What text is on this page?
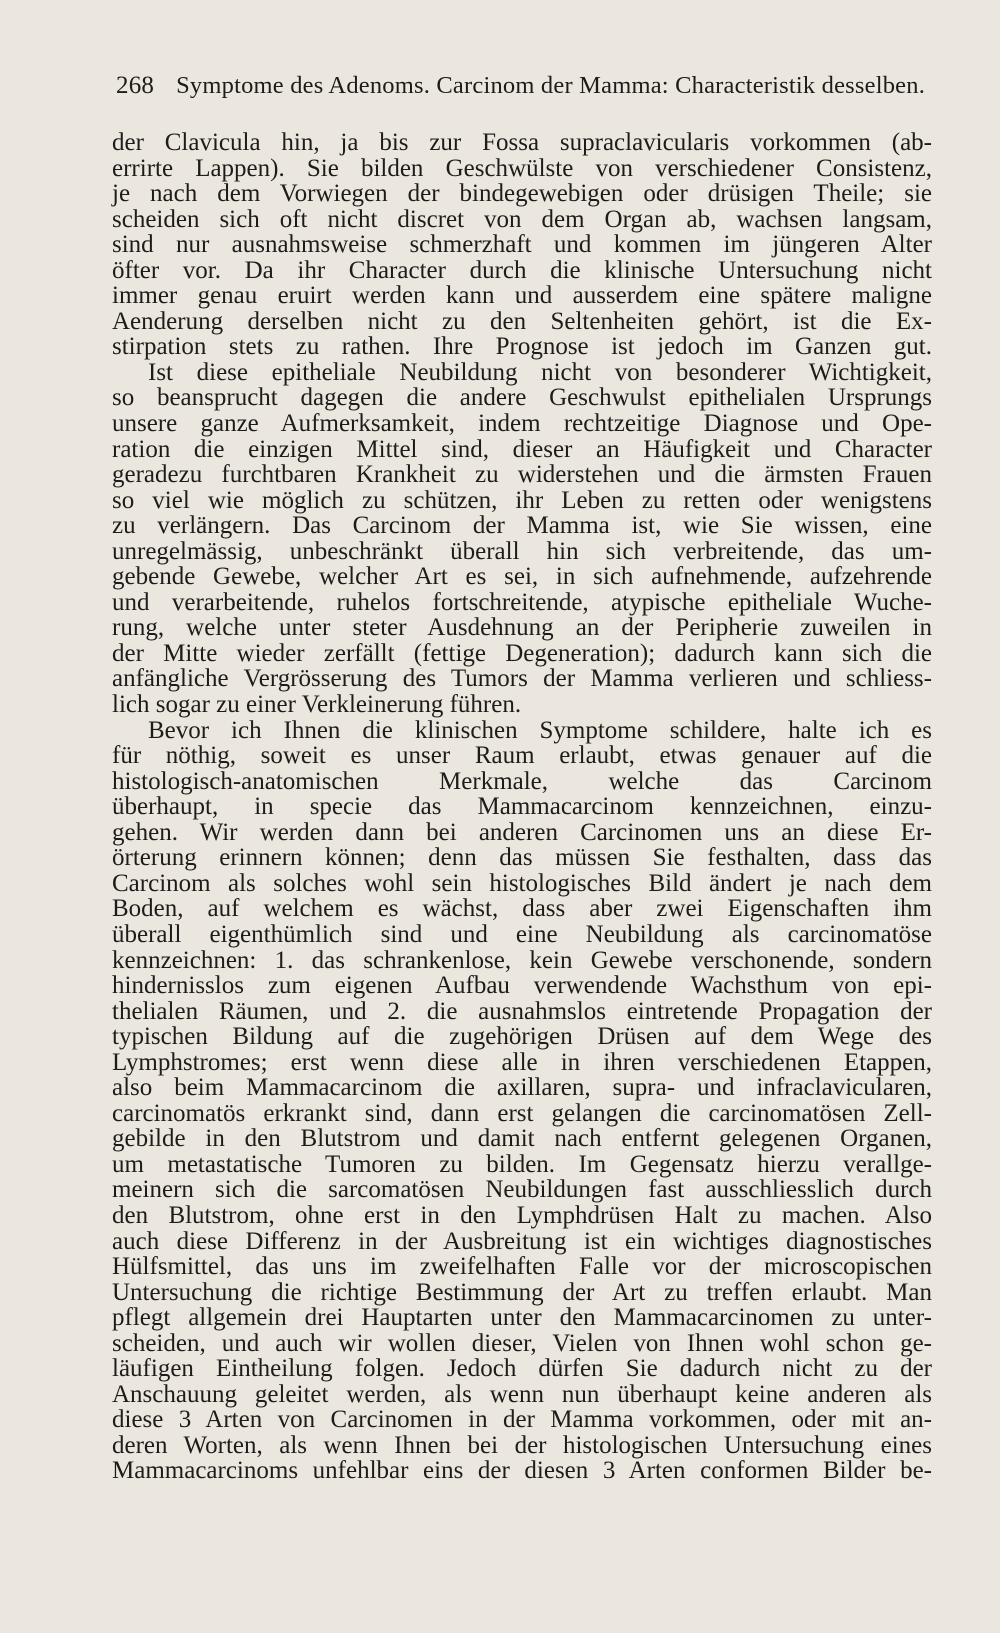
268 Symptome des Adenoms. Carcinom der Mamma: Characteristik desselben.
der Clavicula hin, ja bis zur Fossa supraclavicularis vorkommen (ab-
errirte Lappen). Sie bilden Geschwülste von verschiedener Consistenz,
je nach dem Vorwiegen der bindegewebigen oder drüsigen Theile; sie
scheiden sich oft nicht discret von dem Organ ab, wachsen langsam,
sind nur ausnahmsweise schmerzhaft und kommen im jüngeren Alter
öfter vor. Da ihr Character durch die klinische Untersuchung nicht
immer genau eruirt werden kann und ausserdem eine spätere maligne
Aenderung derselben nicht zu den Seltenheiten gehört, ist die Ex-
stirpation stets zu rathen. Ihre Prognose ist jedoch im Ganzen gut.
Ist diese epitheliale Neubildung nicht von besonderer Wichtigkeit,
so beansprucht dagegen die andere Geschwulst epithelialen Ursprungs
unsere ganze Aufmerksamkeit, indem rechtzeitige Diagnose und Ope-
ration die einzigen Mittel sind, dieser an Häufigkeit und Character
geradezu furchtbaren Krankheit zu widerstehen und die ärmsten Frauen
so viel wie möglich zu schützen, ihr Leben zu retten oder wenigstens
zu verlängern. Das Carcinom der Mamma ist, wie Sie wissen, eine
unregelmässig, unbeschränkt überall hin sich verbreitende, das um-
gebende Gewebe, welcher Art es sei, in sich aufnehmende, aufzehrende
und verarbeitende, ruhelos fortschreitende, atypische epitheliale Wuche-
rung, welche unter steter Ausdehnung an der Peripherie zuweilen in
der Mitte wieder zerfällt (fettige Degeneration); dadurch kann sich die
anfängliche Vergrösserung des Tumors der Mamma verlieren und schliess-
lich sogar zu einer Verkleinerung führen.
Bevor ich Ihnen die klinischen Symptome schildere, halte ich es
für nöthig, soweit es unser Raum erlaubt, etwas genauer auf die
histologisch-anatomischen Merkmale, welche das Carcinom
überhaupt, in specie das Mammacarcinom kennzeichnen, einzu-
gehen. Wir werden dann bei anderen Carcinomen uns an diese Er-
örterung erinnern können; denn das müssen Sie festhalten, dass das
Carcinom als solches wohl sein histologisches Bild ändert je nach dem
Boden, auf welchem es wächst, dass aber zwei Eigenschaften ihm
überall eigenthümlich sind und eine Neubildung als carcinomatöse
kennzeichnen: 1. das schrankenlose, kein Gewebe verschonende, sondern
hindernisslos zum eigenen Aufbau verwendende Wachsthum von epi-
thelialen Räumen, und 2. die ausnahmslos eintretende Propagation der
typischen Bildung auf die zugehörigen Drüsen auf dem Wege des
Lymphstromes; erst wenn diese alle in ihren verschiedenen Etappen,
also beim Mammacarcinom die axillaren, supra- und infraclavicularen,
carcinomatös erkrankt sind, dann erst gelangen die carcinomatösen Zell-
gebilde in den Blutstrom und damit nach entfernt gelegenen Organen,
um metastatische Tumoren zu bilden. Im Gegensatz hierzu verallge-
meinern sich die sarcomatösen Neubildungen fast ausschliesslich durch
den Blutstrom, ohne erst in den Lymphdrüsen Halt zu machen. Also
auch diese Differenz in der Ausbreitung ist ein wichtiges diagnostisches
Hülfsmittel, das uns im zweifelhaften Falle vor der microscopischen
Untersuchung die richtige Bestimmung der Art zu treffen erlaubt. Man
pflegt allgemein drei Hauptarten unter den Mammacarcinomen zu unter-
scheiden, und auch wir wollen dieser, Vielen von Ihnen wohl schon ge-
läufigen Eintheilung folgen. Jedoch dürfen Sie dadurch nicht zu der
Anschauung geleitet werden, als wenn nun überhaupt keine anderen als
diese 3 Arten von Carcinomen in der Mamma vorkommen, oder mit an-
deren Worten, als wenn Ihnen bei der histologischen Untersuchung eines
Mammacarcinoms unfehlbar eins der diesen 3 Arten conformen Bilder be-
